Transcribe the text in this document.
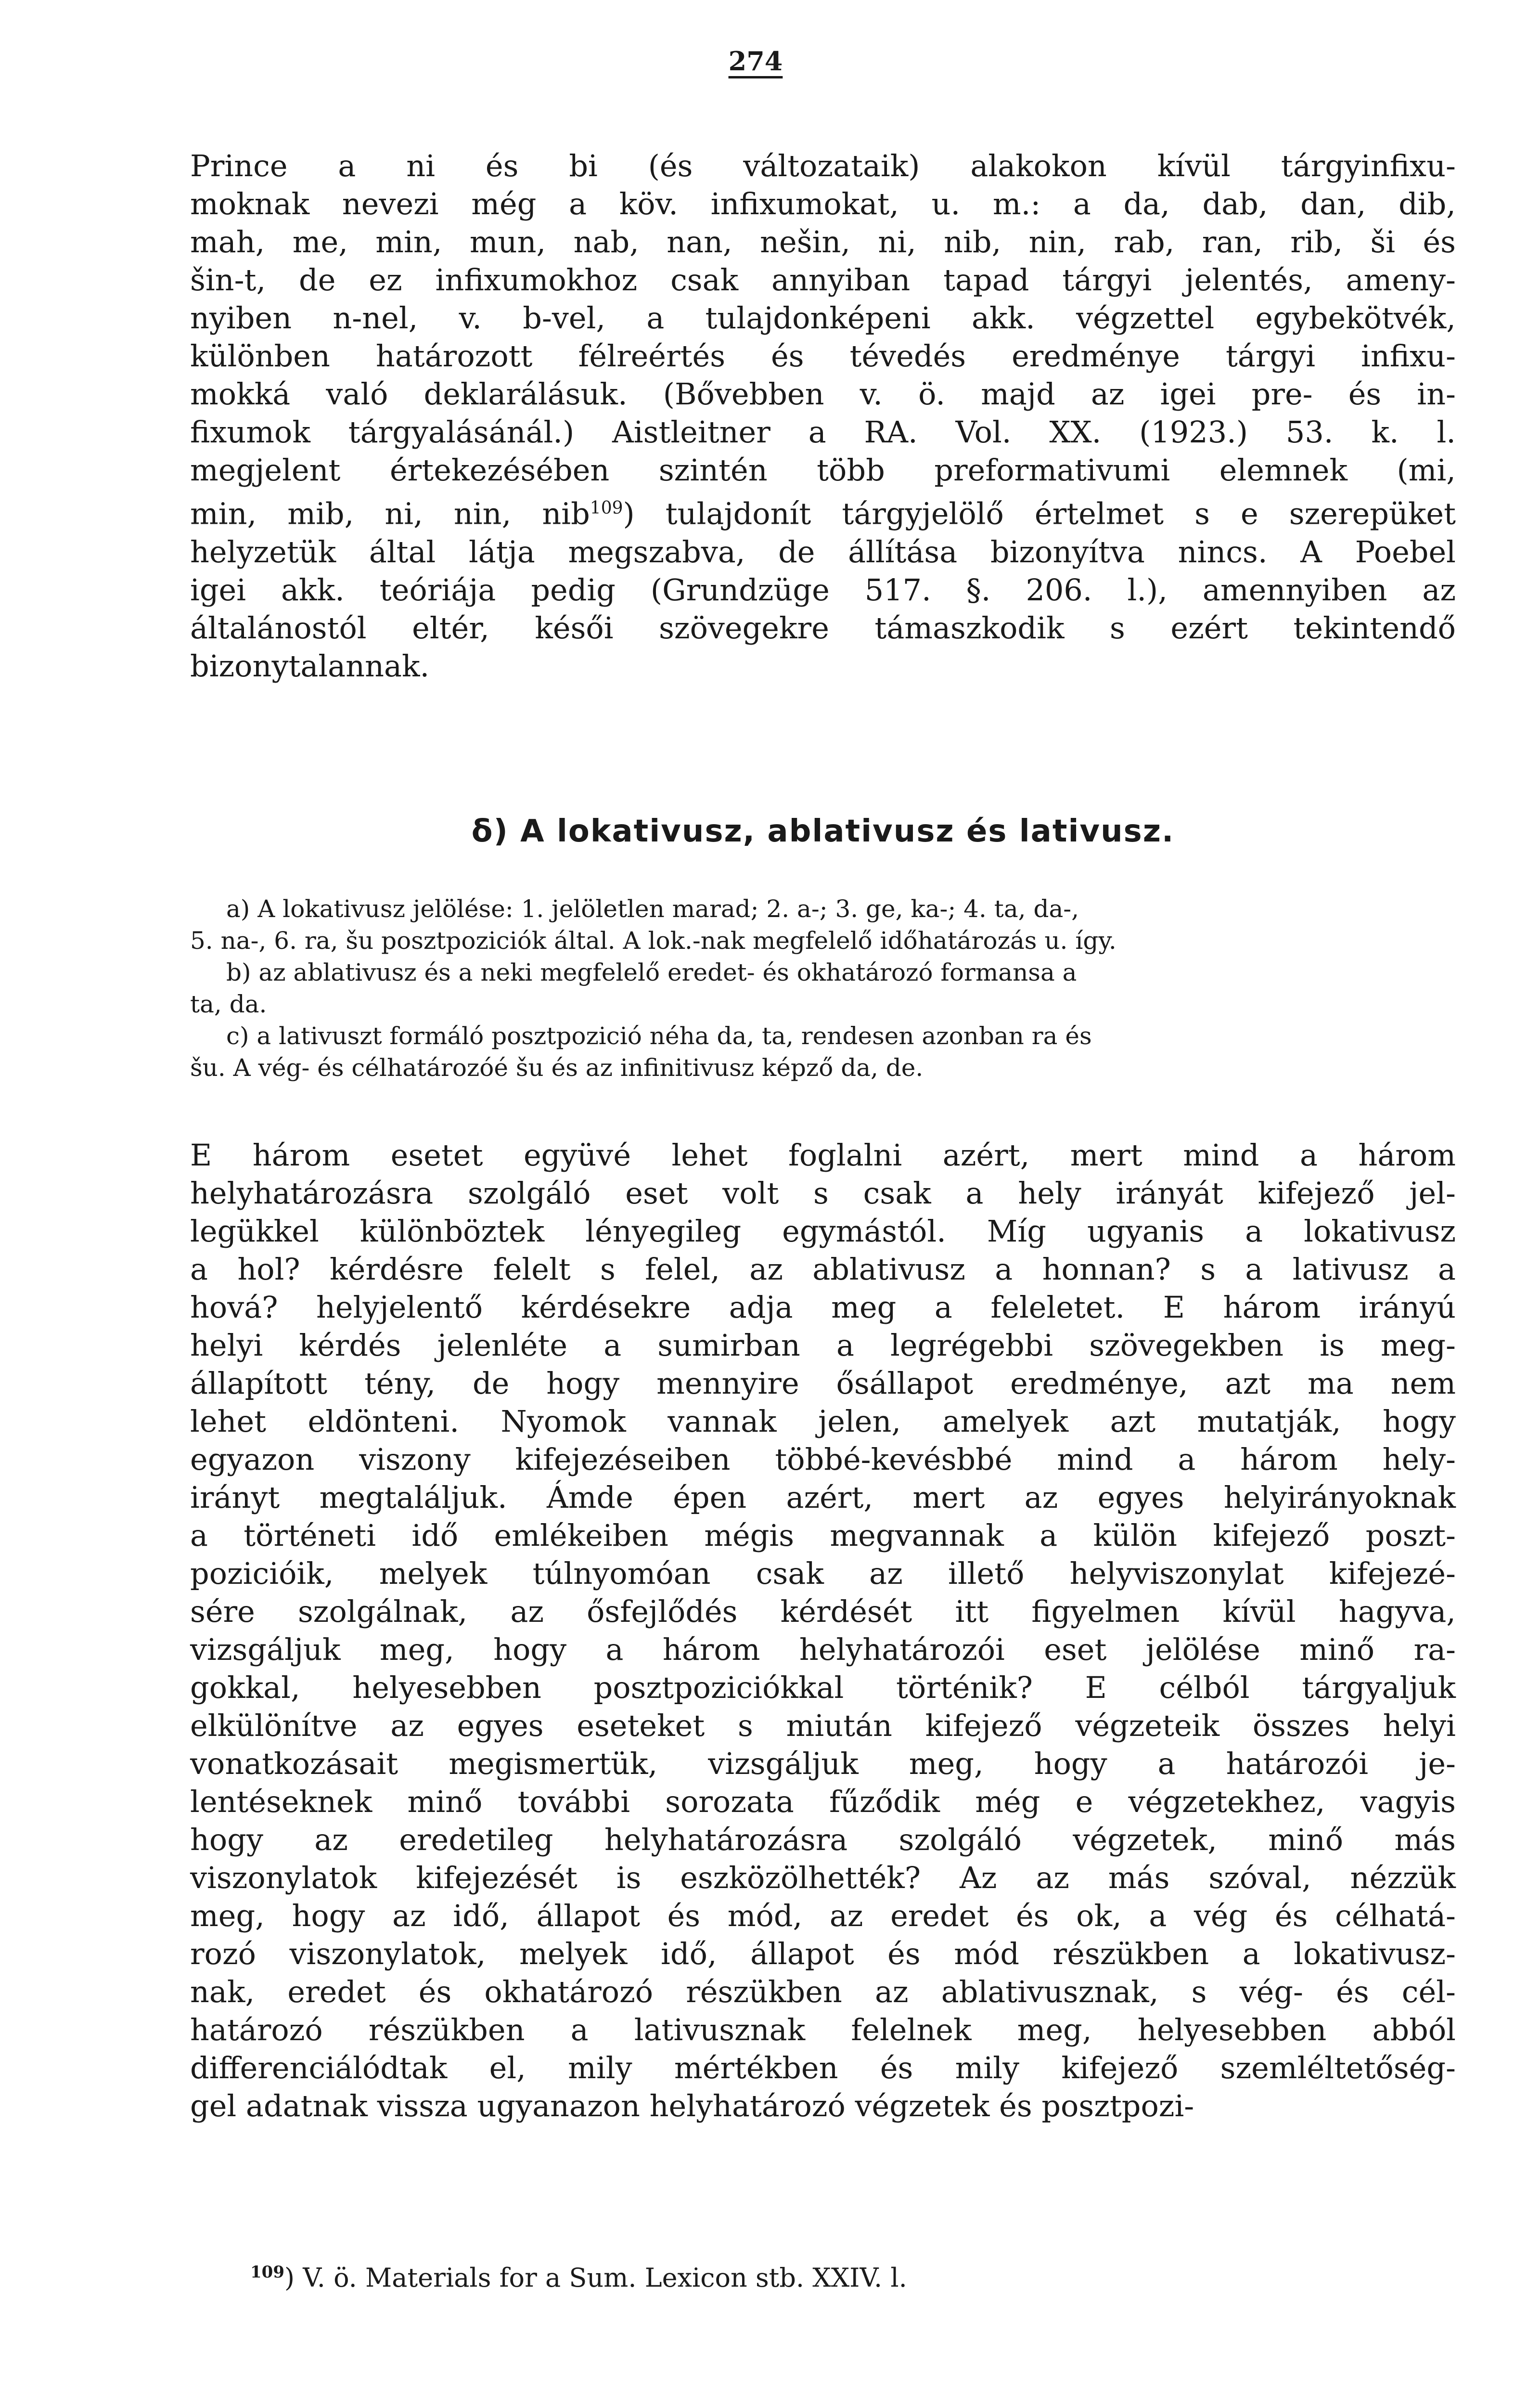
274
Prince a ni és bi (és változataik) alakokon kívül tárgyinfixu-
moknak nevezi még a köv. infixumokat, u. m.: a da, dab, dan, dib,
mah, me, min, mun, nab, nan, nešin, ni, nib, nin, rab, ran, rib, ši és
šin-t, de ez infixumokhoz csak annyiban tapad tárgyi jelentés, ameny-
nyiben n-nel, v. b-vel, a tulajdonképeni akk. végzettel egybekötvék,
különben határozott félreértés és tévedés eredménye tárgyi infixu-
mokká való deklarálásuk. (Bővebben v. ö. majd az igei pre- és in-
fixumok tárgyalásánál.) Aistleitner a RA. Vol. XX. (1923.) 53. k. l.
megjelent értekezésében szintén több preformativumi elemnek (mi,
min, mib, ni, nin, nib$^{109}$) tulajdonít tárgyjelölő értelmet s e szerepüket
helyzetük által látja megszabva, de állítása bizonyítva nincs. A Poebel
igei akk. teóriája pedig (Grundzüge 517. §. 206. l.), amennyiben az
általánostól eltér, késői szövegekre támaszkodik s ezért tekintendő
bizonytalannak.
δ) A lokativusz, ablativusz és lativusz.
a) A lokativusz jelölése: 1. jelöletlen marad; 2. a-; 3. ge, ka-; 4. ta, da-,
5. na-, 6. ra, šu posztpoziciók által. A lok.-nak megfelelő időhatározás u. így.
b) az ablativusz és a neki megfelelő eredet- és okhatározó formansa a
ta, da.
c) a lativuszt formáló posztpozició néha da, ta, rendesen azonban ra és
šu. A vég- és célhatározóé šu és az infinitivusz képző da, de.
E három esetet együvé lehet foglalni azért, mert mind a három
helyhatározásra szolgáló eset volt s csak a hely irányát kifejező jel-
legükkel különböztek lényegileg egymástól. Míg ugyanis a lokativusz
a hol? kérdésre felelt s felel, az ablativusz a honnan? s a lativusz a
hová? helyjelentő kérdésekre adja meg a feleletet. E három irányú
helyi kérdés jelenléte a sumirban a legrégebbi szövegekben is meg-
állapított tény, de hogy mennyire ősállapot eredménye, azt ma nem
lehet eldönteni. Nyomok vannak jelen, amelyek azt mutatják, hogy
egyazon viszony kifejezéseiben többé-kevésbbé mind a három hely-
irányt megtaláljuk. Ámde épen azért, mert az egyes helyirányoknak
a történeti idő emlékeiben mégis megvannak a külön kifejező poszt-
pozicióik, melyek túlnyomóan csak az illető helyviszonylat kifejezé-
sére szolgálnak, az ősfejlődés kérdését itt figyelmen kívül hagyva,
vizsgáljuk meg, hogy a három helyhatározói eset jelölése minő ra-
gokkal, helyesebben posztpoziciókkal történik? E célból tárgyaljuk
elkülönítve az egyes eseteket s miután kifejező végzeteik összes helyi
vonatkozásait megismertük, vizsgáljuk meg, hogy a határozói je-
lentéseknek minő további sorozata fűződik még e végzetekhez, vagyis
hogy az eredetileg helyhatározásra szolgáló végzetek, minő más
viszonylatok kifejezését is eszközölhették? Az az más szóval, nézzük
meg, hogy az idő, állapot és mód, az eredet és ok, a vég és célhatá-
rozó viszonylatok, melyek idő, állapot és mód részükben a lokativusz-
nak, eredet és okhatározó részükben az ablativusznak, s vég- és cél-
határozó részükben a lativusznak felelnek meg, helyesebben abból
differenciálódtak el, mily mértékben és mily kifejező szemléltetőség-
gel adatnak vissza ugyanazon helyhatározó végzetek és posztpozi-
$^{109}$) V. ö. Materials for a Sum. Lexicon stb. XXIV. l.
